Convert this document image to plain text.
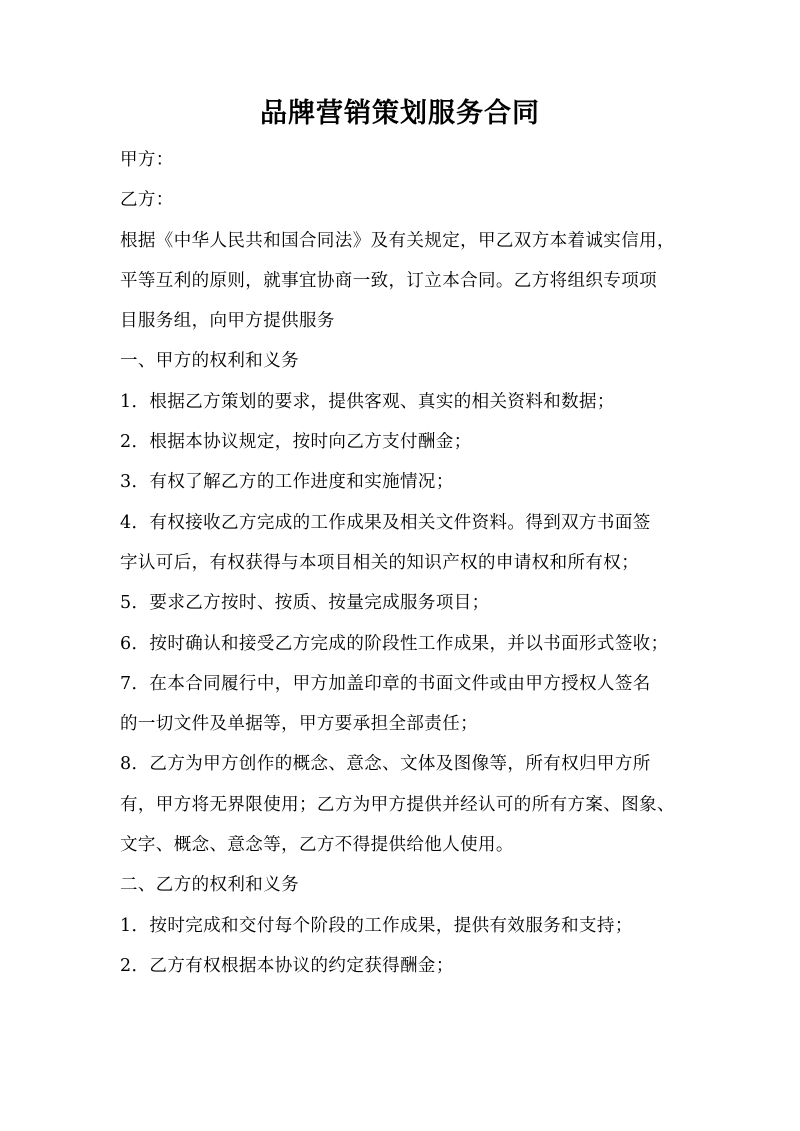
品牌营销策划服务合同
甲方：
乙方：
根据《中华人民共和国合同法》及有关规定，甲乙双方本着诚实信用，
平等互利的原则，就事宜协商一致，订立本合同。乙方将组织专项项
目服务组，向甲方提供服务
一、甲方的权利和义务
1．根据乙方策划的要求，提供客观、真实的相关资料和数据；
2．根据本协议规定，按时向乙方支付酬金；
3．有权了解乙方的工作进度和实施情况；
4．有权接收乙方完成的工作成果及相关文件资料。得到双方书面签
字认可后，有权获得与本项目相关的知识产权的申请权和所有权；
5．要求乙方按时、按质、按量完成服务项目；
6．按时确认和接受乙方完成的阶段性工作成果，并以书面形式签收；
7．在本合同履行中，甲方加盖印章的书面文件或由甲方授权人签名
的一切文件及单据等，甲方要承担全部责任；
8．乙方为甲方创作的概念、意念、文体及图像等，所有权归甲方所
有，甲方将无界限使用；乙方为甲方提供并经认可的所有方案、图象、
文字、概念、意念等，乙方不得提供给他人使用。
二、乙方的权利和义务
1．按时完成和交付每个阶段的工作成果，提供有效服务和支持；
2．乙方有权根据本协议的约定获得酬金；
